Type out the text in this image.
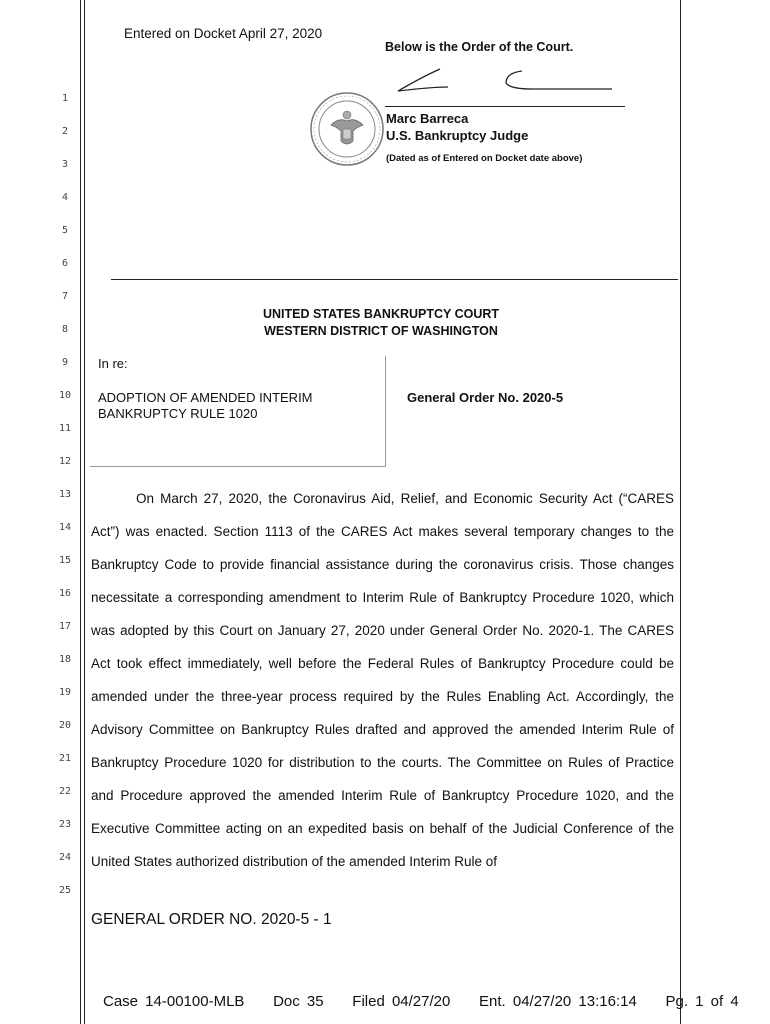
1
2
3
4
5
6
7
8
9
10
11
12
13
14
15
16
17
18
19
20
21
22
23
24
25
Entered on Docket April 27, 2020
Below is the Order of the Court.
Marc Barreca
U.S. Bankruptcy Judge
(Dated as of Entered on Docket date above)
UNITED STATES BANKRUPTCY COURT
WESTERN DISTRICT OF WASHINGTON
In re:
ADOPTION OF AMENDED INTERIM BANKRUPTCY RULE 1020
General Order No. 2020-5

On March 27, 2020, the Coronavirus Aid, Relief, and Economic Security Act (“CARES Act”) was enacted. Section 1113 of the CARES Act makes several temporary changes to the Bankruptcy Code to provide financial assistance during the coronavirus crisis. Those changes necessitate a corresponding amendment to Interim Rule of Bankruptcy Procedure 1020, which was adopted by this Court on January 27, 2020 under General Order No. 2020-1. The CARES Act took effect immediately, well before the Federal Rules of Bankruptcy Procedure could be amended under the three-year process required by the Rules Enabling Act. Accordingly, the Advisory Committee on Bankruptcy Rules drafted and approved the amended Interim Rule of Bankruptcy Procedure 1020 for distribution to the courts. The Committee on Rules of Practice and Procedure approved the amended Interim Rule of Bankruptcy Procedure 1020, and the Executive Committee acting on an expedited basis on behalf of the Judicial Conference of the United States authorized distribution of the amended Interim Rule of

GENERAL ORDER NO. 2020-5 - 1
Case 14-00100-MLB    Doc 35    Filed 04/27/20    Ent. 04/27/20 13:16:14    Pg. 1 of 4
